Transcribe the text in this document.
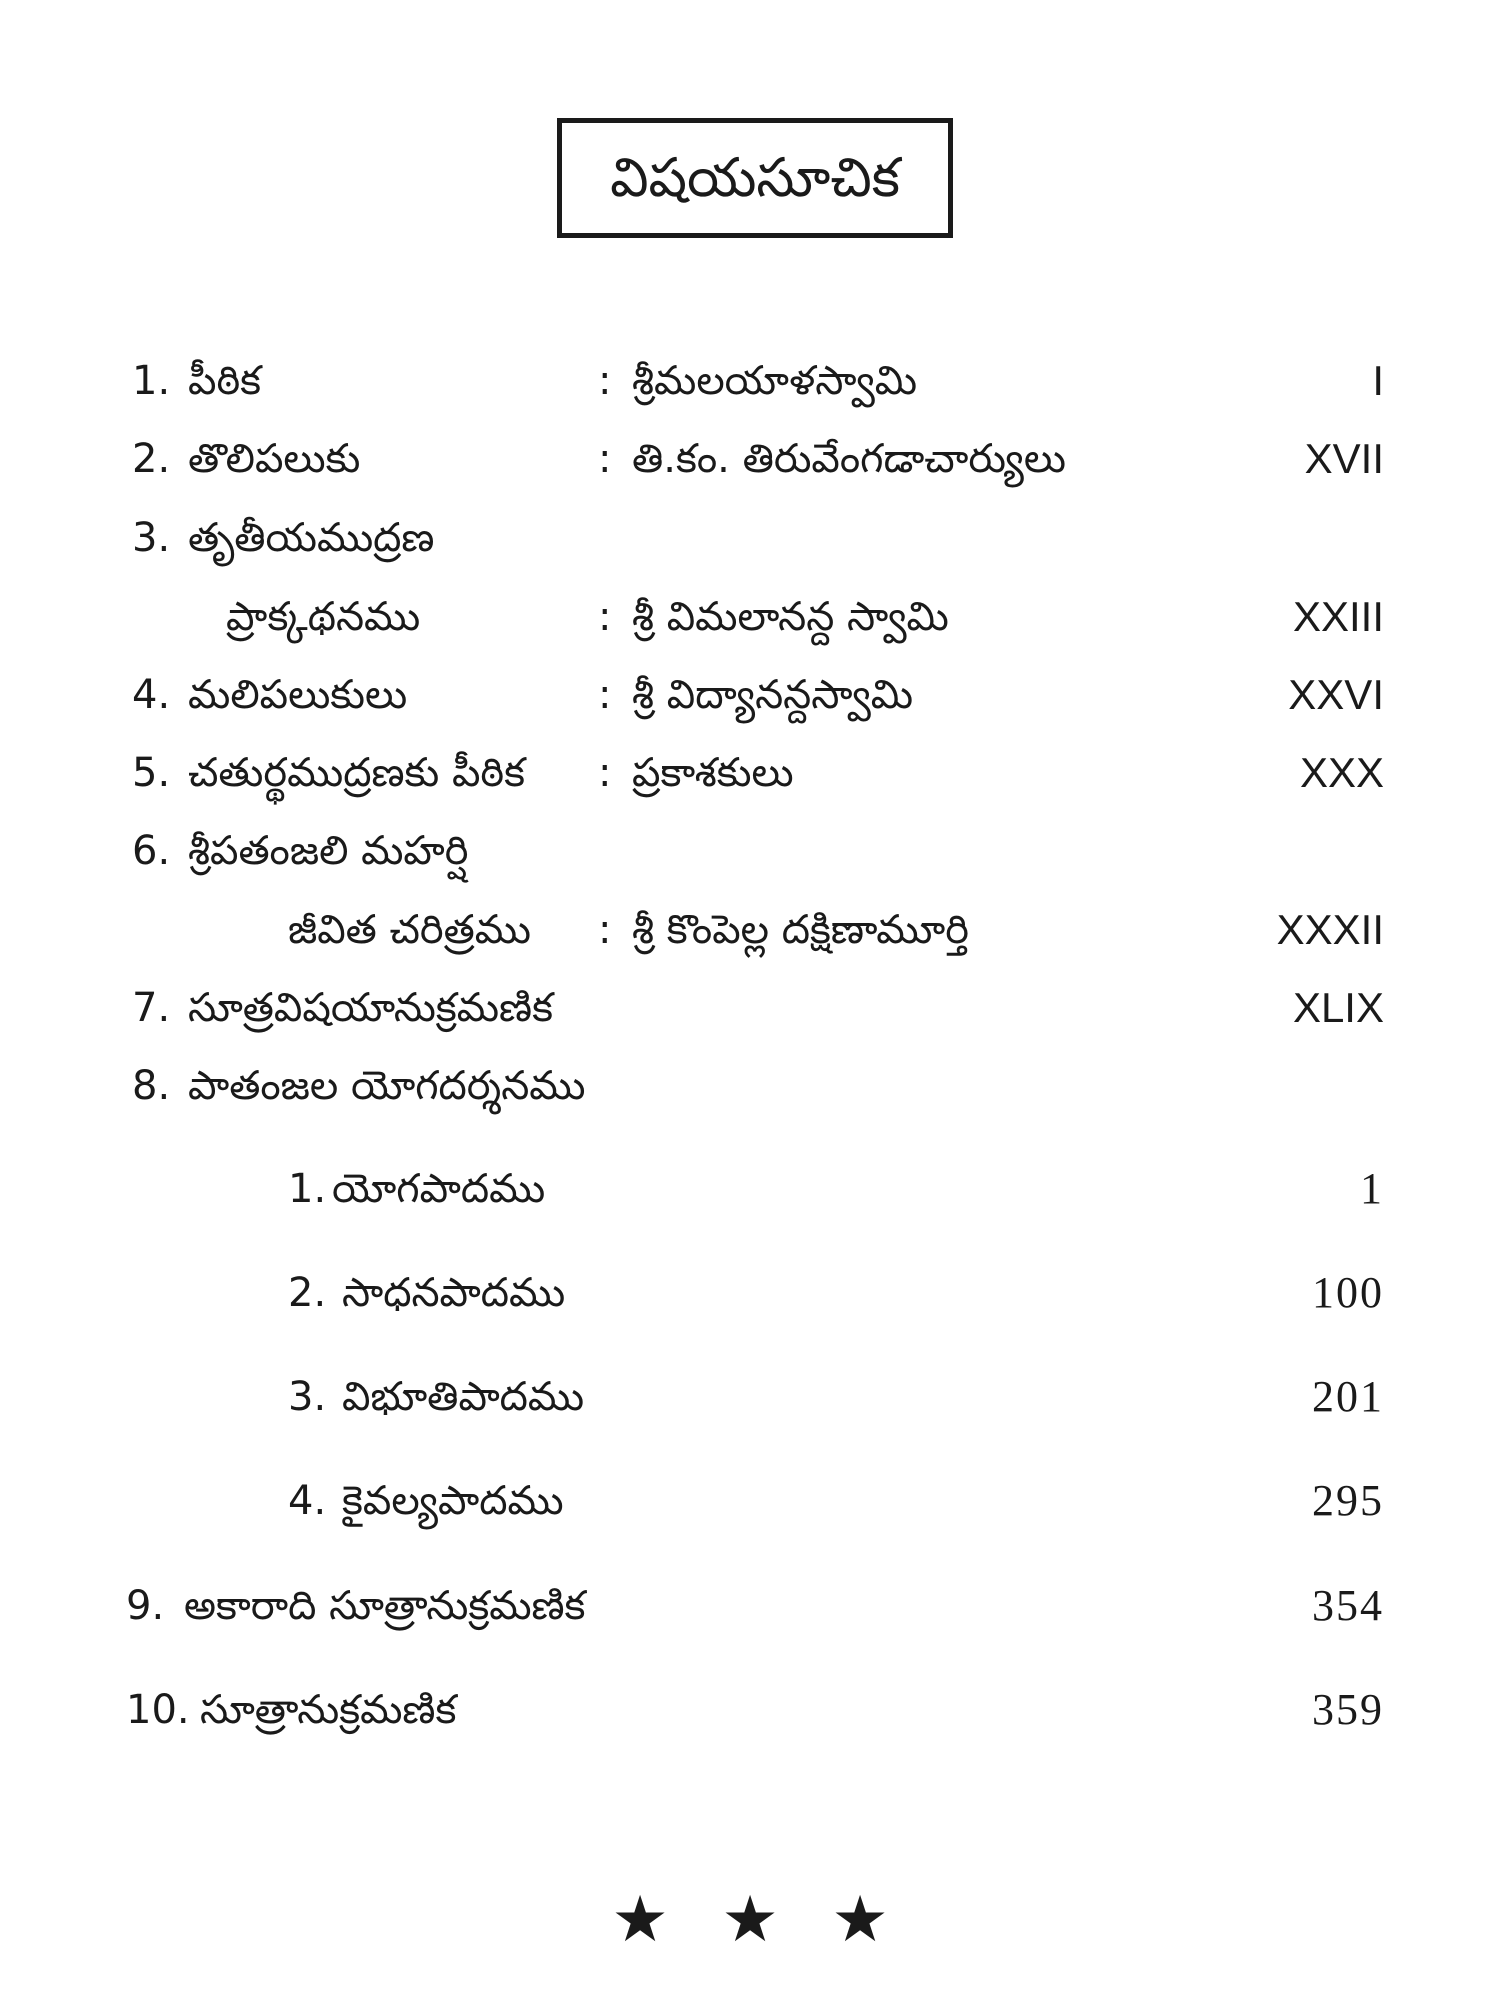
విషయసూచిక
1. పీఠిక	: శ్రీమలయాళస్వామి	I
2. తొలిపలుకు	: తి.కం. తిరువేంగడాచార్యులు	XVII
3. తృతీయముద్రణ
ప్రాక్కథనము	: శ్రీ విమలానన్ద స్వామి	XXIII
4. మలిపలుకులు	: శ్రీ విద్యానన్దస్వామి	XXVI
5. చతుర్థముద్రణకు పీఠిక : ప్రకాశకులు	XXX
6. శ్రీపతంజలి మహర్షి
జీవిత చరిత్రము : శ్రీ కొంపెల్ల దక్షిణామూర్తి	XXXII
7. సూత్రవిషయానుక్రమణిక	XLIX
8. పాతంజల యోగదర్శనము
1. యోగపాదము	1
2. సాధనపాదము	100
3. విభూతిపాదము	201
4. కైవల్యపాదము	295
9. అకారాది సూత్రానుక్రమణిక	354
10. సూత్రానుక్రమణిక	359
★ ★ ★
